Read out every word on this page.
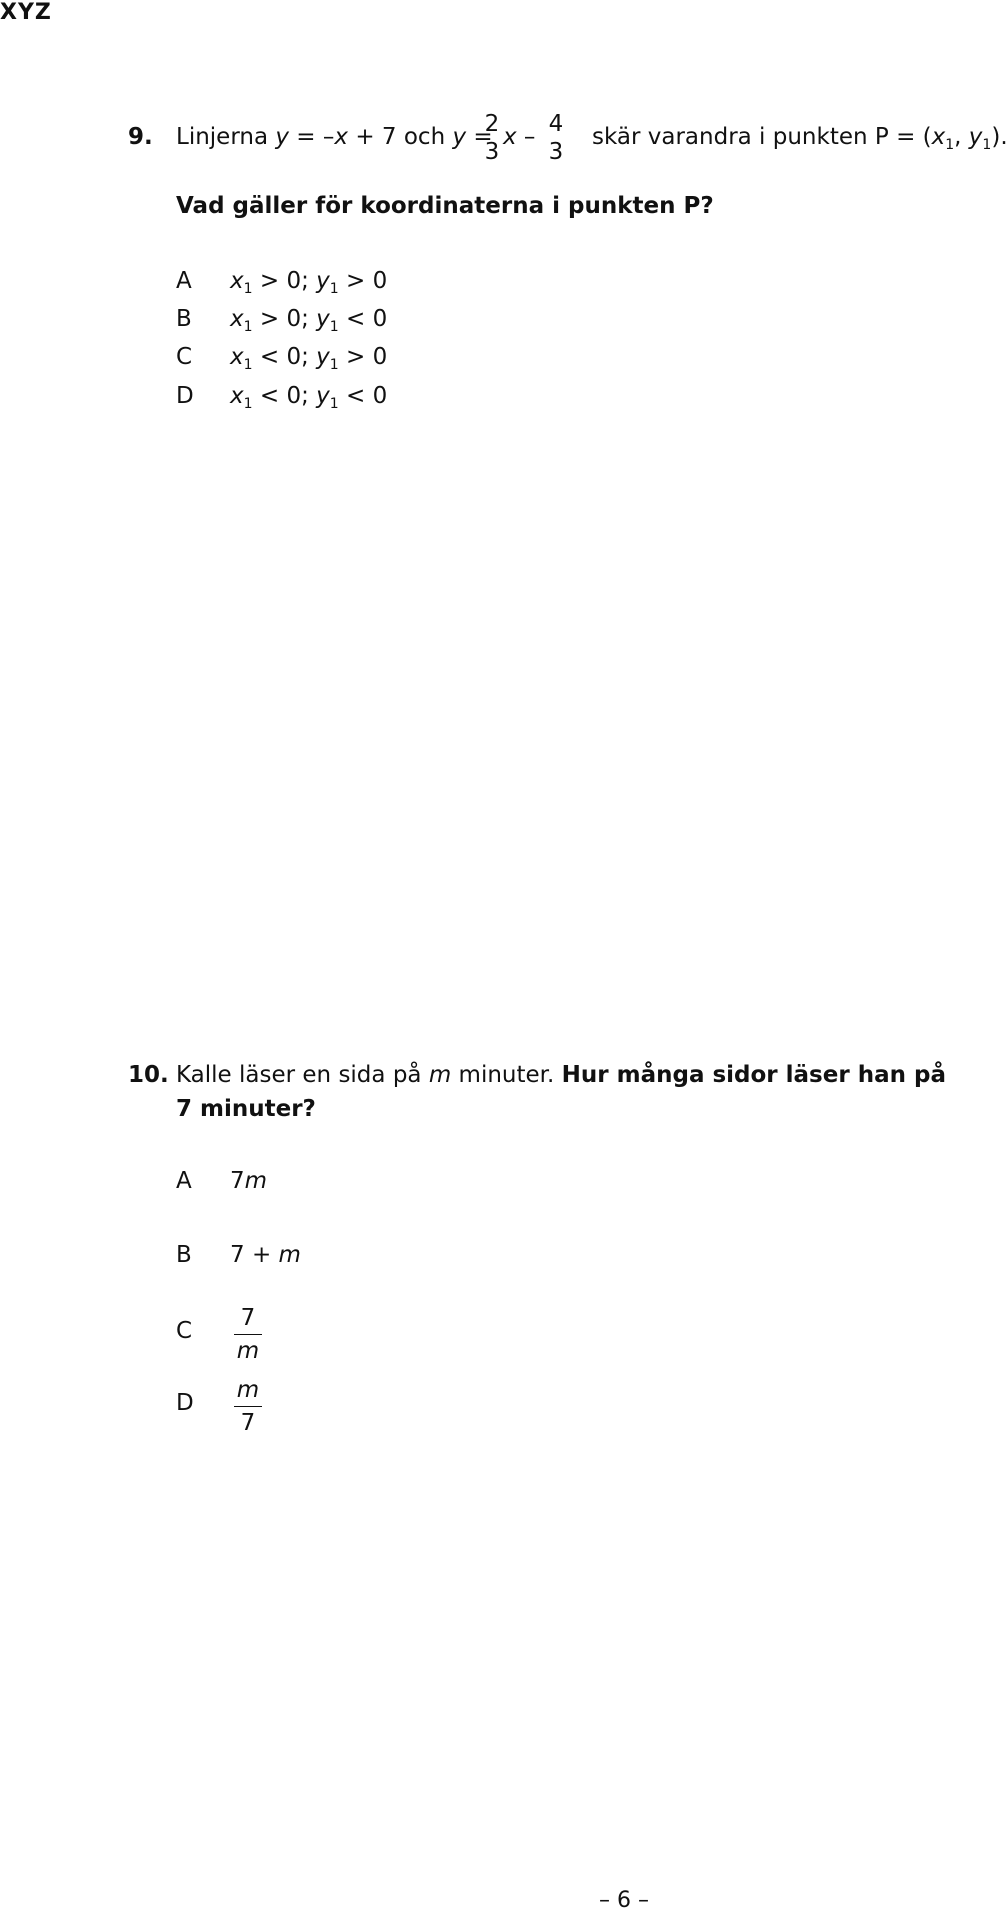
XYZ
9. Linjerna y = –x + 7 och y =
2
3
x – 4
3
skär varandra i punkten $P = (x_1$, $y_1$).
Vad gäller för koordinaterna i punkten P?
A $x_1 > 0$; $y_1 > 0$
B $x_1 > 0$; $y_1 < 0$
C $x_1 < 0$; $y_1 > 0$
D $x_1 < 0$; $y_1 < 0$
10. Kalle läser en sida på m minuter. Hur många sidor läser han på
7 minuter?
A 7m
B 7 + m
C 7
m
D m
7
– 6 –
